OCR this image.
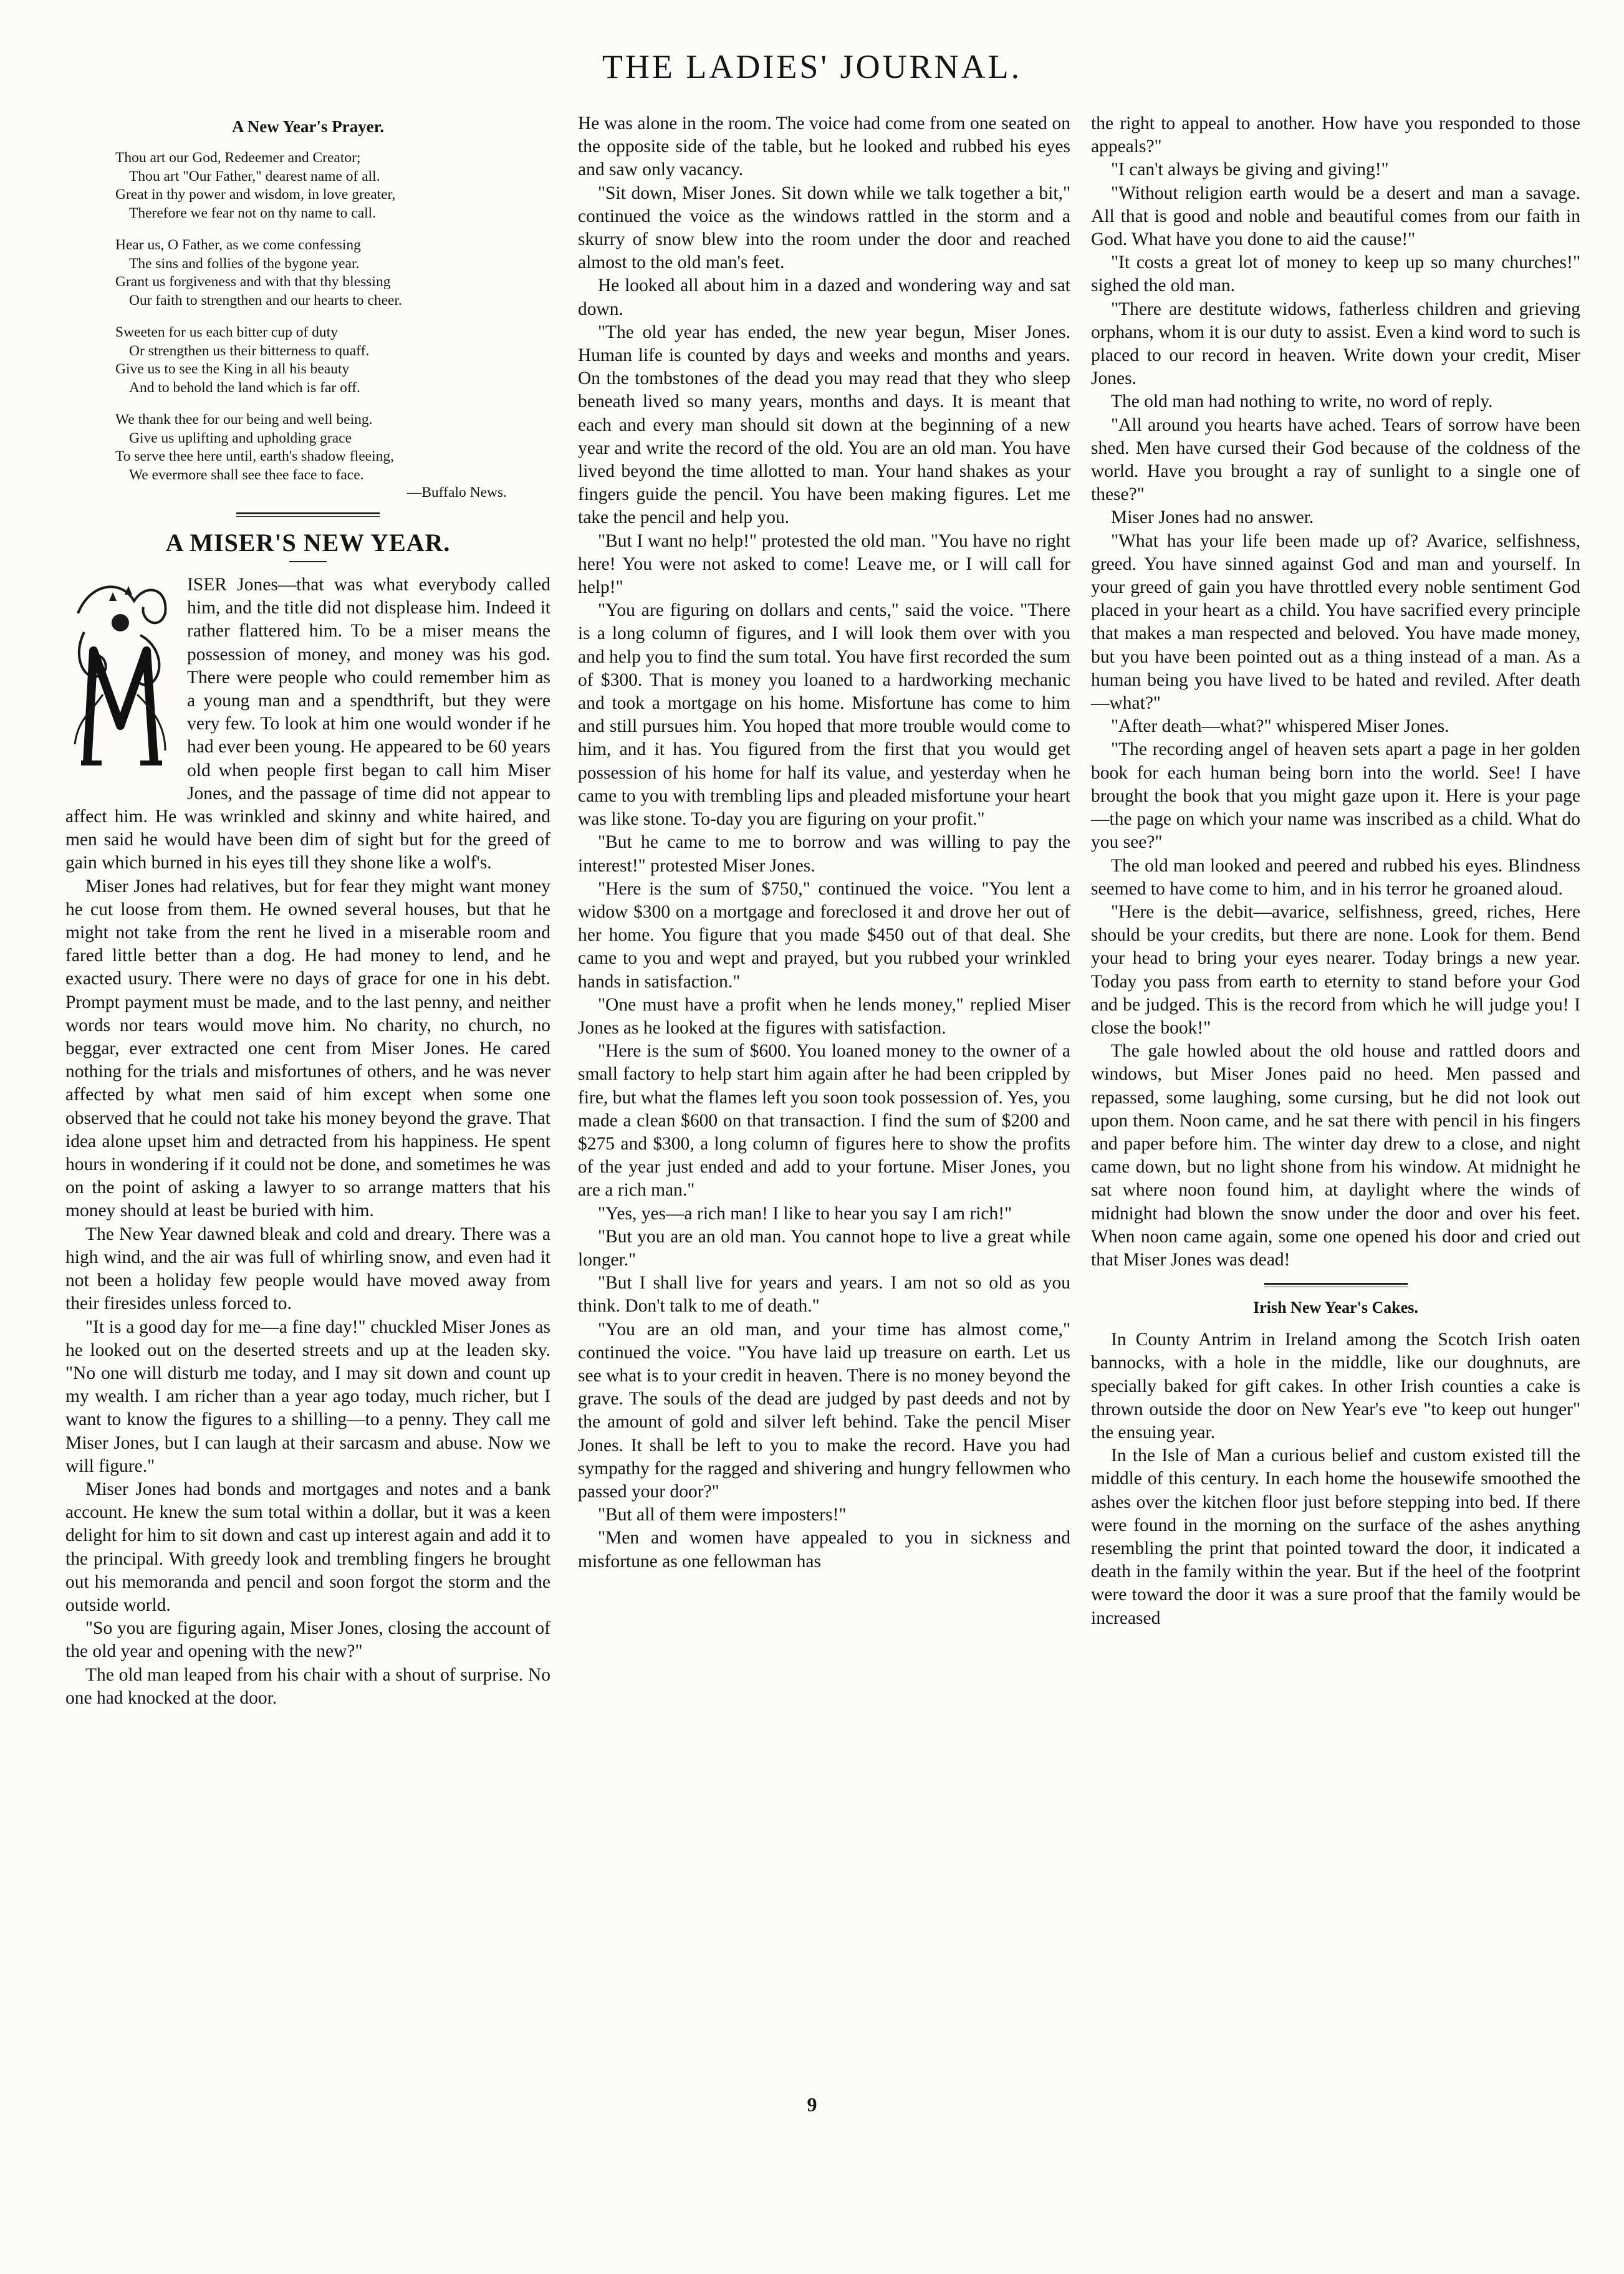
THE LADIES' JOURNAL.
A New Year's Prayer.
Thou art our God, Redeemer and Creator;
Thou art "Our Father," dearest name of all.
Great in thy power and wisdom, in love greater,
Therefore we fear not on thy name to call.
Hear us, O Father, as we come confessing
The sins and follies of the bygone year.
Grant us forgiveness and with that thy blessing
Our faith to strengthen and our hearts to cheer.
Sweeten for us each bitter cup of duty
Or strengthen us their bitterness to quaff.
Give us to see the King in all his beauty
And to behold the land which is far off.
We thank thee for our being and well being.
Give us uplifting and upholding grace
To serve thee here until, earth's shadow fleeing,
We evermore shall see thee face to face.
—Buffalo News.
A MISER'S NEW YEAR.

ISER Jones—that was what everybody called him, and the title did not displease him. Indeed it rather flattered him. To be a miser means the possession of money, and money was his god. There were people who could remember him as a young man and a spendthrift, but they were very few. To look at him one would wonder if he had ever been young. He appeared to be 60 years old when people first began to call him Miser Jones, and the passage of time did not appear to affect him. He was wrinkled and skinny and white haired, and men said he would have been dim of sight but for the greed of gain which burned in his eyes till they shone like a wolf's.

Miser Jones had relatives, but for fear they might want money he cut loose from them. He owned several houses, but that he might not take from the rent he lived in a miserable room and fared little better than a dog. He had money to lend, and he exacted usury. There were no days of grace for one in his debt. Prompt payment must be made, and to the last penny, and neither words nor tears would move him. No charity, no church, no beggar, ever extracted one cent from Miser Jones. He cared nothing for the trials and misfortunes of others, and he was never affected by what men said of him except when some one observed that he could not take his money beyond the grave. That idea alone upset him and detracted from his happiness. He spent hours in wondering if it could not be done, and sometimes he was on the point of asking a lawyer to so arrange matters that his money should at least be buried with him.

The New Year dawned bleak and cold and dreary. There was a high wind, and the air was full of whirling snow, and even had it not been a holiday few people would have moved away from their firesides unless forced to.

"It is a good day for me—a fine day!" chuckled Miser Jones as he looked out on the deserted streets and up at the leaden sky. "No one will disturb me today, and I may sit down and count up my wealth. I am richer than a year ago today, much richer, but I want to know the figures to a shilling—to a penny. They call me Miser Jones, but I can laugh at their sarcasm and abuse. Now we will figure."

Miser Jones had bonds and mortgages and notes and a bank account. He knew the sum total within a dollar, but it was a keen delight for him to sit down and cast up interest again and add it to the principal. With greedy look and trembling fingers he brought out his memoranda and pencil and soon forgot the storm and the outside world.

"So you are figuring again, Miser Jones, closing the account of the old year and opening with the new?"

The old man leaped from his chair with a shout of surprise. No one had knocked at the door.

He was alone in the room. The voice had come from one seated on the opposite side of the table, but he looked and rubbed his eyes and saw only vacancy.

"Sit down, Miser Jones. Sit down while we talk together a bit," continued the voice as the windows rattled in the storm and a skurry of snow blew into the room under the door and reached almost to the old man's feet.

He looked all about him in a dazed and wondering way and sat down.

"The old year has ended, the new year begun, Miser Jones. Human life is counted by days and weeks and months and years. On the tombstones of the dead you may read that they who sleep beneath lived so many years, months and days. It is meant that each and every man should sit down at the beginning of a new year and write the record of the old. You are an old man. You have lived beyond the time allotted to man. Your hand shakes as your fingers guide the pencil. You have been making figures. Let me take the pencil and help you.

"But I want no help!" protested the old man. "You have no right here! You were not asked to come! Leave me, or I will call for help!"

"You are figuring on dollars and cents," said the voice. "There is a long column of figures, and I will look them over with you and help you to find the sum total. You have first recorded the sum of $300. That is money you loaned to a hardworking mechanic and took a mortgage on his home. Misfortune has come to him and still pursues him. You hoped that more trouble would come to him, and it has. You figured from the first that you would get possession of his home for half its value, and yesterday when he came to you with trembling lips and pleaded misfortune your heart was like stone. To-day you are figuring on your profit."

"But he came to me to borrow and was willing to pay the interest!" protested Miser Jones.

"Here is the sum of $750," continued the voice. "You lent a widow $300 on a mortgage and foreclosed it and drove her out of her home. You figure that you made $450 out of that deal. She came to you and wept and prayed, but you rubbed your wrinkled hands in satisfaction."

"One must have a profit when he lends money," replied Miser Jones as he looked at the figures with satisfaction.

"Here is the sum of $600. You loaned money to the owner of a small factory to help start him again after he had been crippled by fire, but what the flames left you soon took possession of. Yes, you made a clean $600 on that transaction. I find the sum of $200 and $275 and $300, a long column of figures here to show the profits of the year just ended and add to your fortune. Miser Jones, you are a rich man."

"Yes, yes—a rich man! I like to hear you say I am rich!"

"But you are an old man. You cannot hope to live a great while longer."

"But I shall live for years and years. I am not so old as you think. Don't talk to me of death."

"You are an old man, and your time has almost come," continued the voice. "You have laid up treasure on earth. Let us see what is to your credit in heaven. There is no money beyond the grave. The souls of the dead are judged by past deeds and not by the amount of gold and silver left behind. Take the pencil Miser Jones. It shall be left to you to make the record. Have you had sympathy for the ragged and shivering and hungry fellowmen who passed your door?"

"But all of them were imposters!"

"Men and women have appealed to you in sickness and misfortune as one fellowman has

the right to appeal to another. How have you responded to those appeals?"

"I can't always be giving and giving!"

"Without religion earth would be a desert and man a savage. All that is good and noble and beautiful comes from our faith in God. What have you done to aid the cause!"

"It costs a great lot of money to keep up so many churches!" sighed the old man.

"There are destitute widows, fatherless children and grieving orphans, whom it is our duty to assist. Even a kind word to such is placed to our record in heaven. Write down your credit, Miser Jones.

The old man had nothing to write, no word of reply.

"All around you hearts have ached. Tears of sorrow have been shed. Men have cursed their God because of the coldness of the world. Have you brought a ray of sunlight to a single one of these?"

Miser Jones had no answer.

"What has your life been made up of? Avarice, selfishness, greed. You have sinned against God and man and yourself. In your greed of gain you have throttled every noble sentiment God placed in your heart as a child. You have sacrified every principle that makes a man respected and beloved. You have made money, but you have been pointed out as a thing instead of a man. As a human being you have lived to be hated and reviled. After death—what?"

"After death—what?" whispered Miser Jones.

"The recording angel of heaven sets apart a page in her golden book for each human being born into the world. See! I have brought the book that you might gaze upon it. Here is your page—the page on which your name was inscribed as a child. What do you see?"

The old man looked and peered and rubbed his eyes. Blindness seemed to have come to him, and in his terror he groaned aloud.

"Here is the debit—avarice, selfishness, greed, riches, Here should be your credits, but there are none. Look for them. Bend your head to bring your eyes nearer. Today brings a new year. Today you pass from earth to eternity to stand before your God and be judged. This is the record from which he will judge you! I close the book!"

The gale howled about the old house and rattled doors and windows, but Miser Jones paid no heed. Men passed and repassed, some laughing, some cursing, but he did not look out upon them. Noon came, and he sat there with pencil in his fingers and paper before him. The winter day drew to a close, and night came down, but no light shone from his window. At midnight he sat where noon found him, at daylight where the winds of midnight had blown the snow under the door and over his feet. When noon came again, some one opened his door and cried out that Miser Jones was dead!

Irish New Year's Cakes.

In County Antrim in Ireland among the Scotch Irish oaten bannocks, with a hole in the middle, like our doughnuts, are specially baked for gift cakes. In other Irish counties a cake is thrown outside the door on New Year's eve "to keep out hunger" the ensuing year.

In the Isle of Man a curious belief and custom existed till the middle of this century. In each home the housewife smoothed the ashes over the kitchen floor just before stepping into bed. If there were found in the morning on the surface of the ashes anything resembling the print that pointed toward the door, it indicated a death in the family within the year. But if the heel of the footprint were toward the door it was a sure proof that the family would be increased

9
